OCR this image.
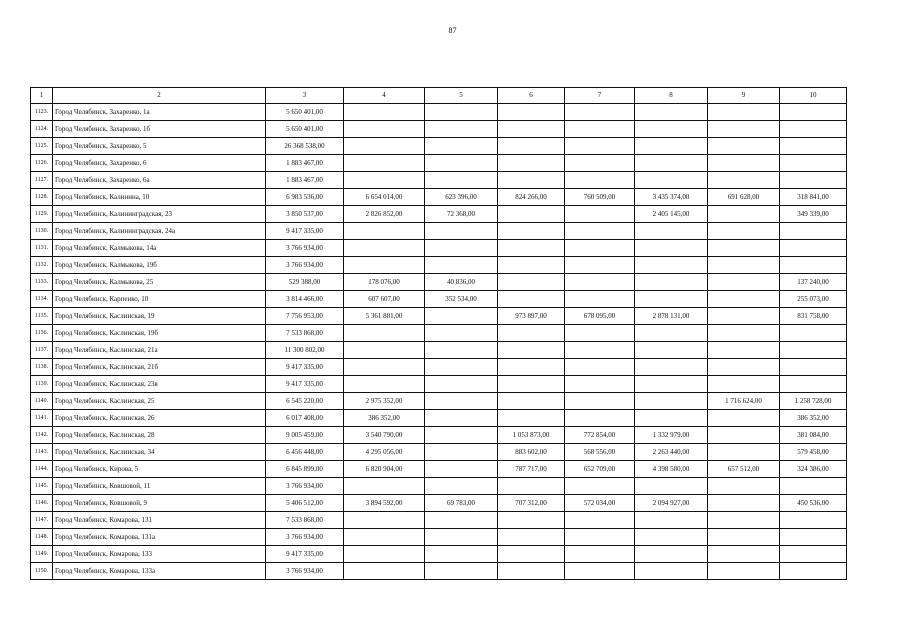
87
1	2	3	4	5	6	7	8	9	10
1123.	Город Челябинск, Захаренко, 1а	5 650 401,00							
1124.	Город Челябинск, Захаренко, 1б	5 650 401,00							
1125.	Город Челябинск, Захаренко, 5	26 368 538,00							
1126.	Город Челябинск, Захаренко, 6	1 883 467,00							
1127.	Город Челябинск, Захаренко, 6а	1 883 467,00							
1128.	Город Челябинск, Калинина, 10	6 983 536,00	6 654 014,00	623 396,00	824 266,00	760 509,00	3 435 374,00	691 628,00	318 841,00
1129.	Город Челябинск, Калининградская, 23	3 850 537,00	2 826 852,00	72 368,00			2 405 145,00		349 339,00
1130.	Город Челябинск, Калининградская, 24а	9 417 335,00							
1131.	Город Челябинск, Калмыкова, 14а	3 766 934,00							
1132.	Город Челябинск, Калмыкова, 19б	3 766 934,00							
1133.	Город Челябинск, Калмыкова, 25	529 388,00	178 076,00	40 836,00					137 240,00
1134.	Город Челябинск, Карпенко, 10	3 814 466,00	607 607,00	352 534,00					255 073,00
1135.	Город Челябинск, Каслинская, 19	7 756 953,00	5 361 881,00		973 897,00	678 095,00	2 878 131,00		831 758,00
1136.	Город Челябинск, Каслинская, 19б	7 533 868,00							
1137.	Город Челябинск, Каслинская, 21а	11 300 802,00							
1138.	Город Челябинск, Каслинская, 21б	9 417 335,00							
1139.	Город Челябинск, Каслинская, 23в	9 417 335,00							
1140.	Город Челябинск, Каслинская, 25	6 545 220,00	2 975 352,00					1 716 624,00	1 258 728,00
1141.	Город Челябинск, Каслинская, 26	6 017 408,00	386 352,00						386 352,00
1142.	Город Челябинск, Каслинская, 28	9 005 459,00	3 540 790,00		1 053 873,00	772 854,00	1 332 979,00		381 084,00
1143.	Город Челябинск, Каслинская, 34	6 456 448,00	4 295 056,00		883 602,00	568 556,00	2 263 440,00		579 458,00
1144.	Город Челябинск, Кирова, 5	6 845 899,00	6 820 904,00		787 717,00	652 709,00	4 398 580,00	657 512,00	324 386,00
1145.	Город Челябинск, Ковшовой, 11	3 766 934,00							
1146.	Город Челябинск, Ковшовой, 9	5 406 512,00	3 894 592,00	69 783,00	707 312,00	572 034,00	2 094 927,00		450 536,00
1147.	Город Челябинск, Комарова, 131	7 533 868,00							
1148.	Город Челябинск, Комарова, 131а	3 766 934,00							
1149.	Город Челябинск, Комарова, 133	9 417 335,00							
1150.	Город Челябинск, Комарова, 133а	3 766 934,00							
